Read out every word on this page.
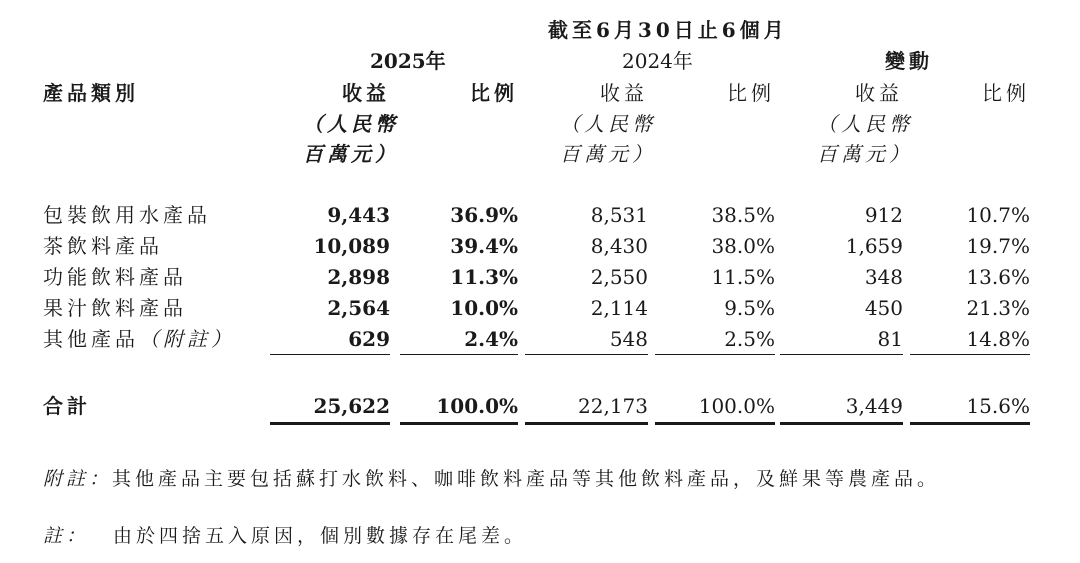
截至6月30日止6個月
2025年	2024年	變動
產品類別	收益	比例	收益	比例	收益	比例
（人民幣
百萬元）
（人民幣
百萬元）
（人民幣
百萬元）
包裝飲用水產品	9,443	36.9%	8,531	38.5%	912	10.7%
茶飲料產品	10,089	39.4%	8,430	38.0%	1,659	19.7%
功能飲料產品	2,898	11.3%	2,550	11.5%	348	13.6%
果汁飲料產品	2,564	10.0%	2,114	9.5%	450	21.3%
其他產品（附註）	629	2.4%	548	2.5%	81	14.8%
合計	25,622	100.0%	22,173	100.0%	3,449	15.6%
附註：其他產品主要包括蘇打水飲料、咖啡飲料產品等其他飲料產品，及鮮果等農產品。
註： 由於四捨五入原因，個別數據存在尾差。
